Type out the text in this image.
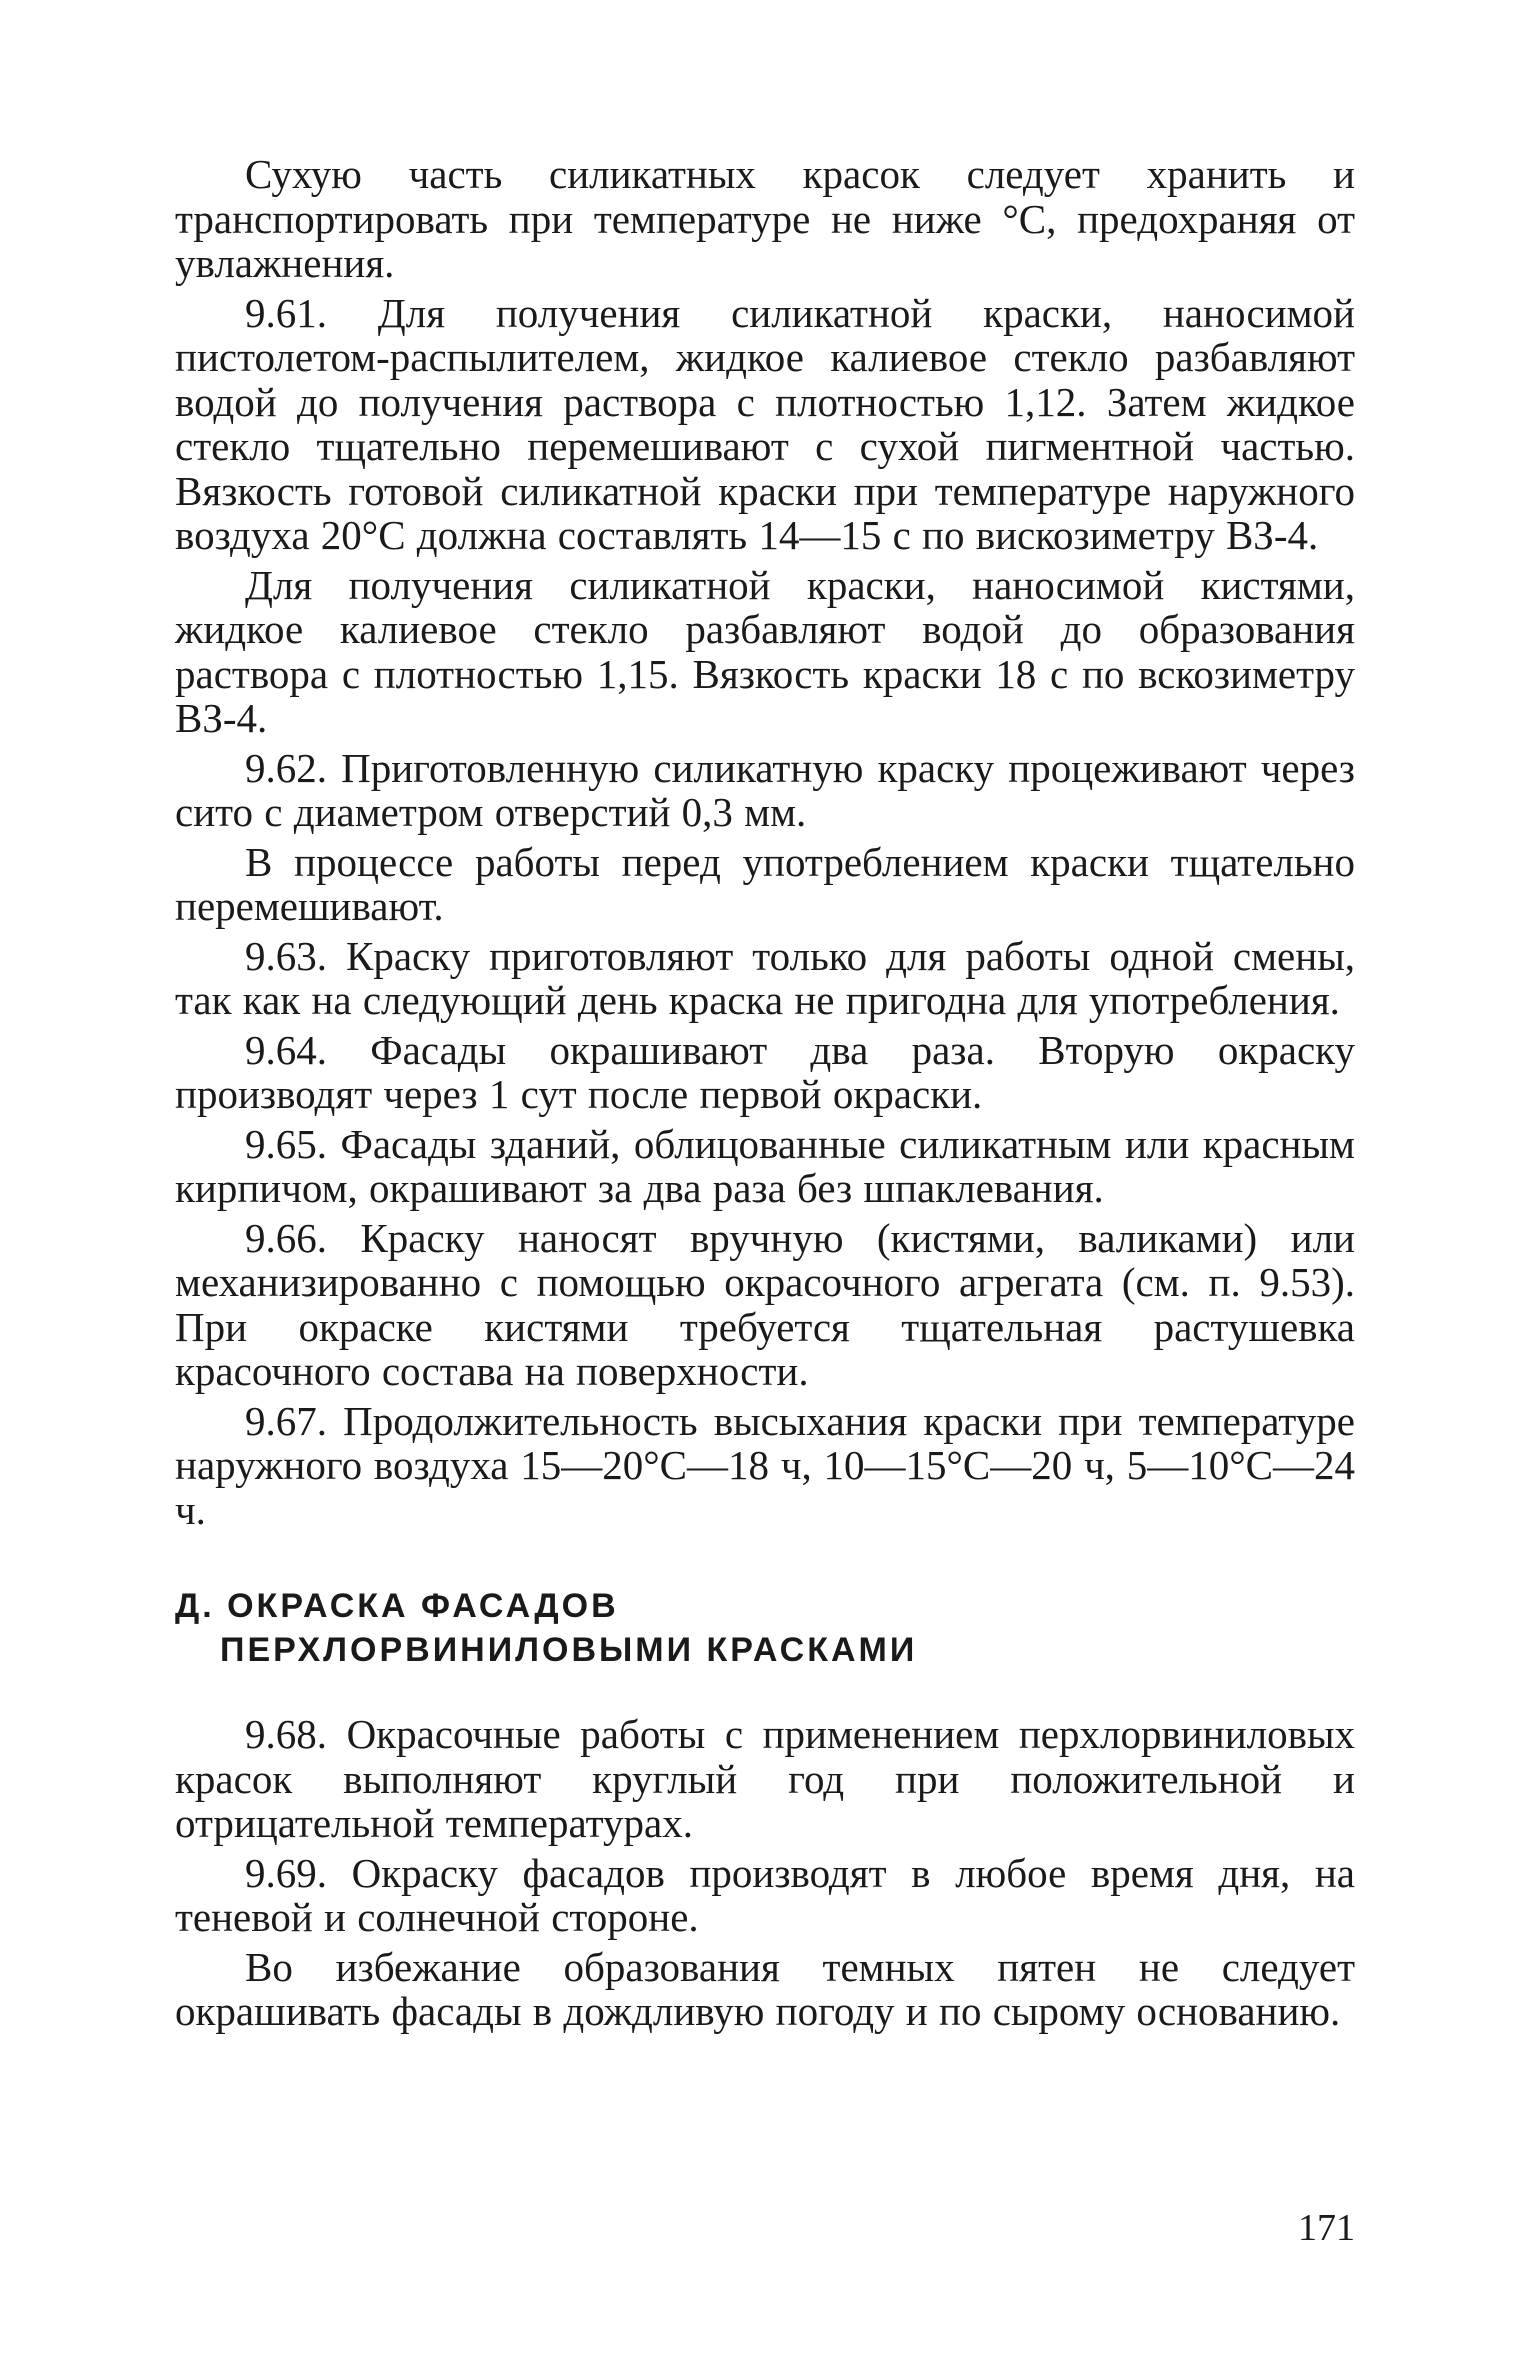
Сухую часть силикатных красок следует хранить и транспортировать при температуре не ниже °С, предохраняя от увлажнения.

9.61. Для получения силикатной краски, наносимой пистолетом-распылителем, жидкое калиевое стекло разбавляют водой до получения раствора с плотностью 1,12. Затем жидкое стекло тщательно перемешивают с сухой пигментной частью. Вязкость готовой силикатной краски при температуре наружного воздуха 20°С должна составлять 14—15 с по вискозиметру ВЗ-4.

Для получения силикатной краски, наносимой кистями, жидкое калиевое стекло разбавляют водой до образования раствора с плотностью 1,15. Вязкость краски 18 с по вскозиметру ВЗ-4.

9.62. Приготовленную силикатную краску процеживают через сито с диаметром отверстий 0,3 мм.

В процессе работы перед употреблением краски тщательно перемешивают.

9.63. Краску приготовляют только для работы одной смены, так как на следующий день краска не пригодна для употребления.

9.64. Фасады окрашивают два раза. Вторую окраску производят через 1 сут после первой окраски.

9.65. Фасады зданий, облицованные силикатным или красным кирпичом, окрашивают за два раза без шпаклевания.

9.66. Краску наносят вручную (кистями, валиками) или механизированно с помощью окрасочного агрегата (см. п. 9.53). При окраске кистями требуется тщательная растушевка красочного состава на поверхности.

9.67. Продолжительность высыхания краски при температуре наружного воздуха 15—20°С—18 ч, 10—15°С—20 ч, 5—10°С—24 ч.

Д. ОКРАСКА ФАСАДОВ
ПЕРХЛОРВИНИЛОВЫМИ КРАСКАМИ

9.68. Окрасочные работы с применением перхлорвиниловых красок выполняют круглый год при положительной и отрицательной температурах.

9.69. Окраску фасадов производят в любое время дня, на теневой и солнечной стороне.

Во избежание образования темных пятен не следует окрашивать фасады в дождливую погоду и по сырому основанию.

171
